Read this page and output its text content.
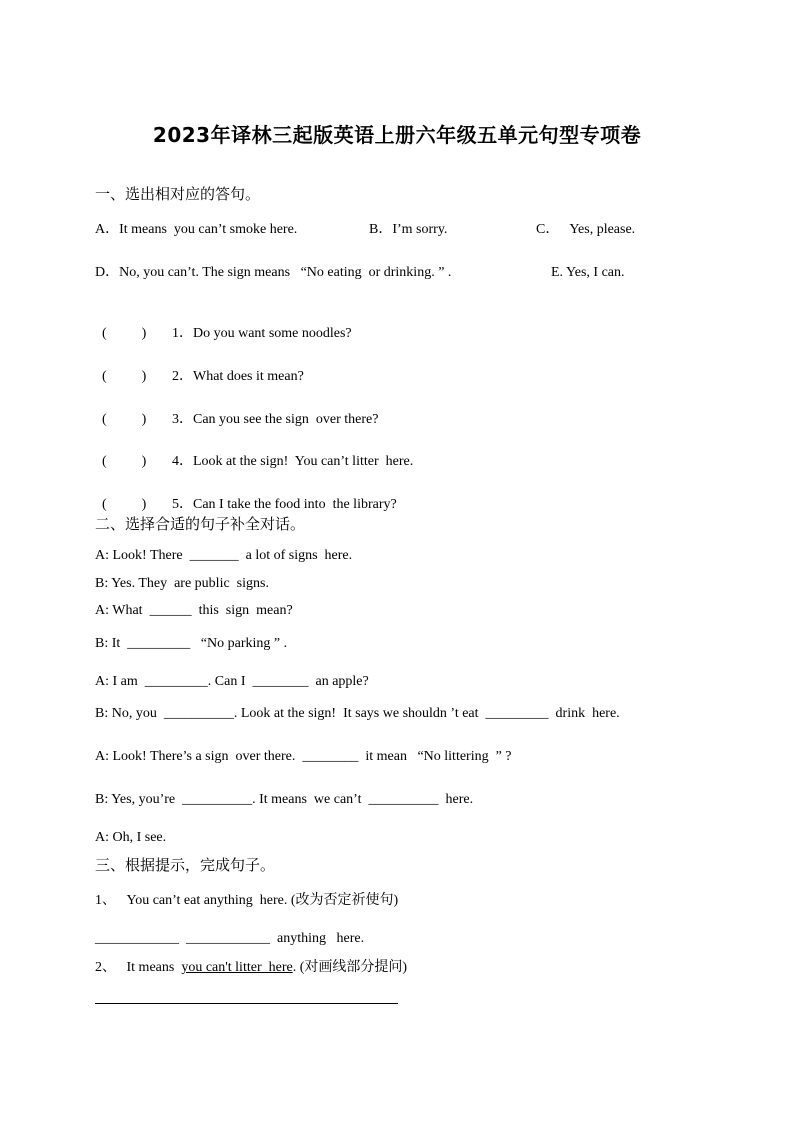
2023年译林三起版英语上册六年级五单元句型专项卷
一、选出相对应的答句。
A．It means  you can’t smoke here.	B．I’m sorry.	C．   Yes, please.
D．No, you can’t. The sign means   “No eating  or drinking. ” .	E. Yes, I can.

(          ) 1．Do you want some noodles?

(          ) 2．What does it mean?

(          ) 3．Can you see the sign  over there?

(          ) 4．Look at the sign!  You can’t litter  here.

(          ) 5．Can I take the food into  the library?

二、选择合适的句子补全对话。
A: Look! There  _______  a lot of signs  here.
B: Yes. They  are public  signs.
A: What  ______  this  sign  mean?
B: It  _________   “No parking ” .
A: I am  _________. Can I  ________  an apple?
B: No, you  __________. Look at the sign!  It says we shouldn ’t eat  _________  drink  here.
A: Look! There’s a sign  over there.  ________  it mean   “No littering  ” ?
B: Yes, you’re  __________. It means  we can’t  __________  here.
A: Oh, I see.
三、根据提示，完成句子。
1、   You can’t eat anything  here. (改为否定祈使句)
____________  ____________  anything   here.
2、   It means  you can't litter  here. (对画线部分提问)
